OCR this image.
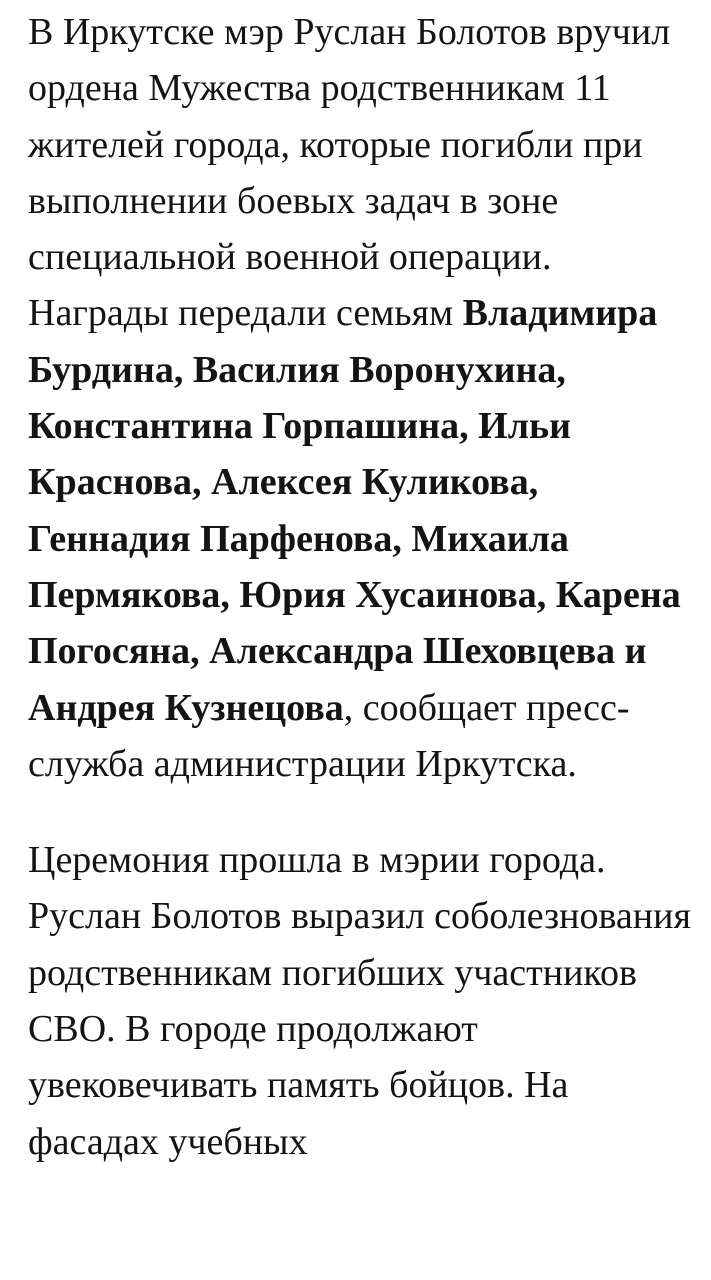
В Иркутске мэр Руслан Болотов вручил ордена Мужества родственникам 11 жителей города, которые погибли при выполнении боевых задач в зоне специальной военной операции. Награды передали семьям Владимира Бурдина, Василия Воронухина, Константина Горпашина, Ильи Краснова, Алексея Куликова, Геннадия Парфенова, Михаила Пермякова, Юрия Хусаинова, Карена Погосяна, Александра Шеховцева и Андрея Кузнецова, сообщает пресс-служба администрации Иркутска.

Церемония прошла в мэрии города. Руслан Болотов выразил соболезнования родственникам погибших участников СВО. В городе продолжают увековечивать память бойцов. На фасадах учебных
